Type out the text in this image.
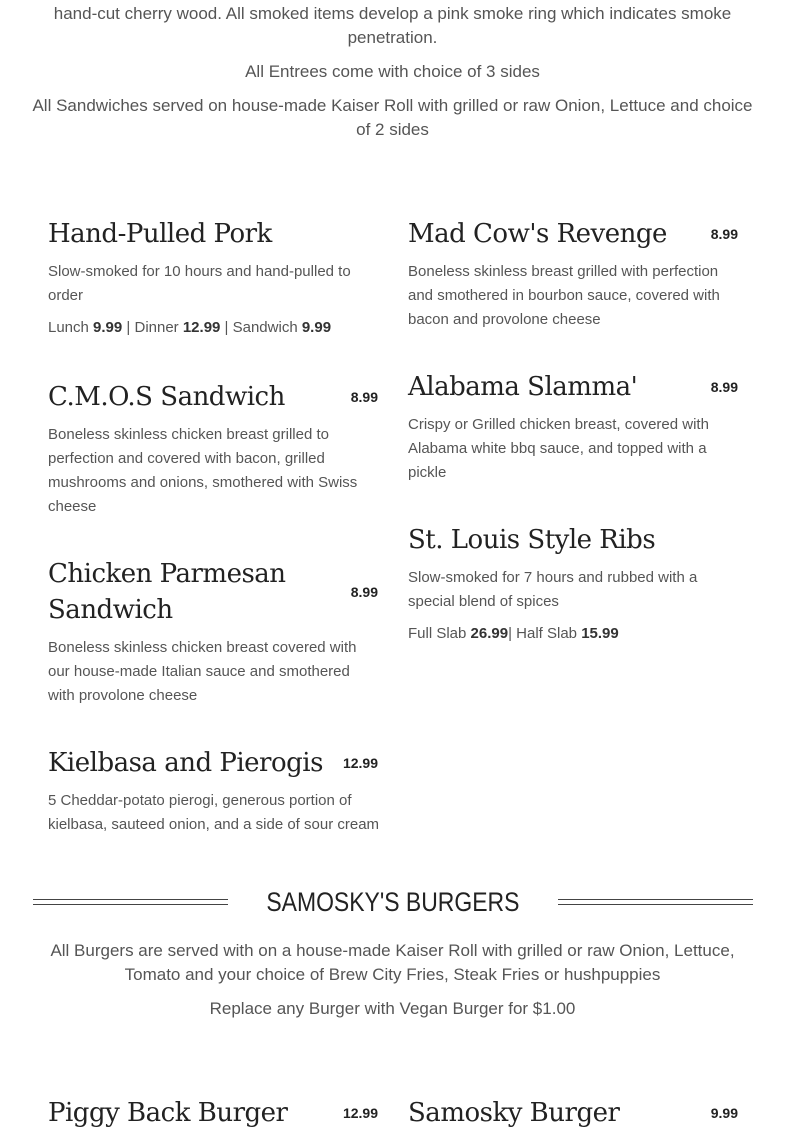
hand-cut cherry wood. All smoked items develop a pink smoke ring which indicates smoke penetration.
All Entrees come with choice of 3 sides
All Sandwiches served on house-made Kaiser Roll with grilled or raw Onion, Lettuce and choice of 2 sides
Hand-Pulled Pork
Slow-smoked for 10 hours and hand-pulled to order
Lunch 9.99 | Dinner 12.99 | Sandwich 9.99
C.M.O.S Sandwich	8.99
Boneless skinless chicken breast grilled to perfection and covered with bacon, grilled mushrooms and onions, smothered with Swiss cheese
Chicken Parmesan Sandwich
8.99
Boneless skinless chicken breast covered with our house-made Italian sauce and smothered with provolone cheese
Kielbasa and Pierogis 12.99
5 Cheddar-potato pierogi, generous portion of kielbasa, sauteed onion, and a side of sour cream
Mad Cow's Revenge	8.99
Boneless skinless breast grilled with perfection and smothered in bourbon sauce, covered with bacon and provolone cheese
Alabama Slamma'	8.99
Crispy or Grilled chicken breast, covered with Alabama white bbq sauce, and topped with a pickle
St. Louis Style Ribs
Slow-smoked for 7 hours and rubbed with a special blend of spices
Full Slab 26.99| Half Slab 15.99
SAMOSKY'S BURGERS
All Burgers are served with on a house-made Kaiser Roll with grilled or raw Onion, Lettuce, Tomato and your choice of Brew City Fries, Steak Fries or hushpuppies
Replace any Burger with Vegan Burger for $1.00
Piggy Back Burger	12.99 Samosky Burger	9.99
